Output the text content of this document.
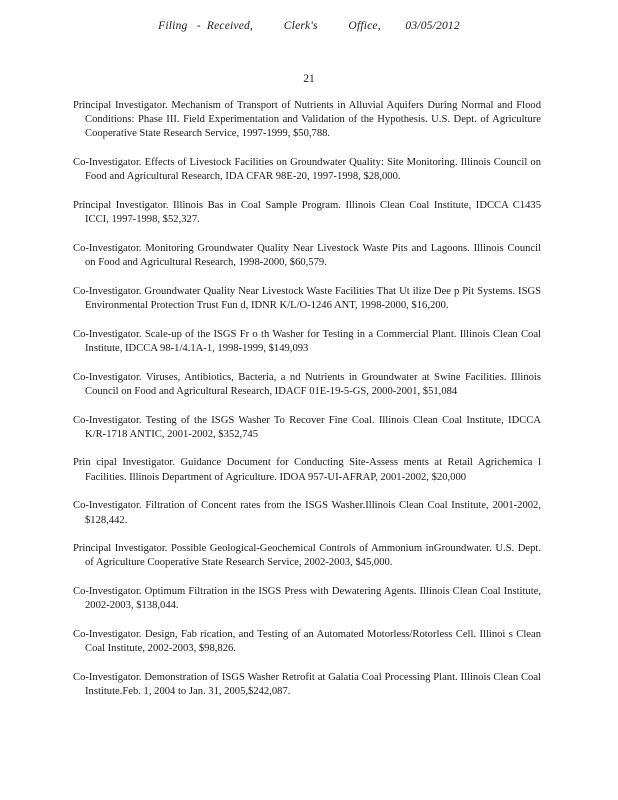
Filing   -  Received,          Clerk's          Office,        03/05/2012
21

Principal Investigator. Mechanism of Transport of Nutrients in Alluvial Aquifers During Normal and Flood Conditions: Phase III. Field Experimentation and Validation of the Hypothesis. U.S. Dept. of Agriculture Cooperative State Research Service, 1997-1999, $50,788.

Co-Investigator. Effects of Livestock Facilities on Groundwater Quality: Site Monitoring. Illinois Council on Food and Agricultural Research, IDA CFAR 98E-20, 1997-1998, $28,000.

Principal Investigator. Illinois Bas in Coal Sample Program. Illinois Clean Coal Institute, IDCCA C1435 ICCI, 1997-1998, $52,327.

Co-Investigator. Monitoring Groundwater Quality Near Livestock Waste Pits and Lagoons. Illinois Council on Food and Agricultural Research, 1998-2000, $60,579.

Co-Investigator. Groundwater Quality Near Livestock Waste Facilities That Ut ilize Dee p Pit Systems. ISGS Environmental Protection Trust Fun d, IDNR K/L/O-1246 ANT, 1998-2000, $16,200.

Co-Investigator. Scale-up of the ISGS Fr o th Washer for Testing in a Commercial Plant. Illinois Clean Coal Institute, IDCCA 98-1/4.1A-1, 1998-1999, $149,093

Co-Investigator. Viruses, Antibiotics, Bacteria, a nd Nutrients in Groundwater at Swine Facilities. Illinois Council on Food and Agricultural Research, IDACF 01E-19-5-GS, 2000-2001, $51,084

Co-Investigator. Testing of the ISGS Washer To Recover Fine Coal. Illinois Clean Coal Institute, IDCCA K/R-1718 ANTIC, 2001-2002, $352,745

Prin cipal Investigator. Guidance Document for Conducting Site-Assess ments at Retail Agrichemica l Facilities. Illinois Department of Agriculture. IDOA 957-UI-AFRAP, 2001-2002, $20,000

Co-Investigator. Filtration of Concent rates from the ISGS Washer.Illinois Clean Coal Institute, 2001-2002, $128,442.

Principal Investigator. Possible Geological-Geochemical Controls of Ammonium inGroundwater. U.S. Dept. of Agriculture Cooperative State Research Service, 2002-2003, $45,000.

Co-Investigator. Optimum Filtration in the ISGS Press with Dewatering Agents. Illinois Clean Coal Institute, 2002-2003, $138,044.

Co-Investigator. Design, Fab rication, and Testing of an Automated Motorless/Rotorless Cell. Illinoi s Clean Coal Institute, 2002-2003, $98,826.

Co-Investigator. Demonstration of ISGS Washer Retrofit at Galatia Coal Processing Plant. Illinois Clean Coal Institute.Feb. 1, 2004 to Jan. 31, 2005,$242,087.
